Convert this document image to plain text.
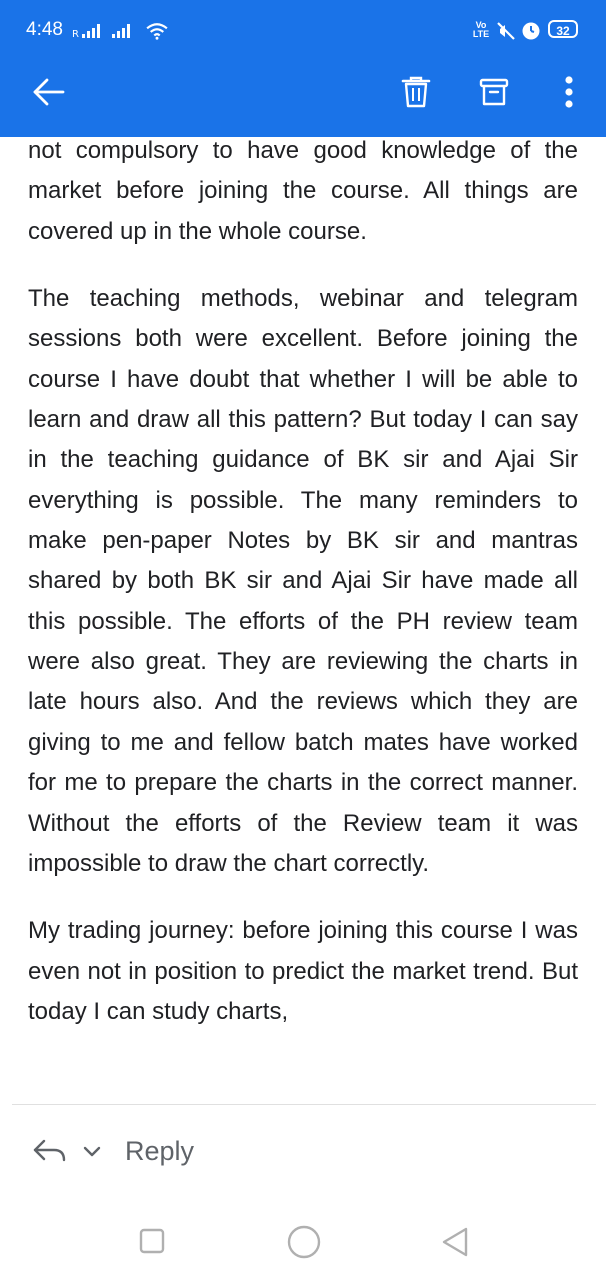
4:48 R
Vo
LTE	32

not compulsory to have good knowledge of the market before joining the course. All things are covered up in the whole course.

The teaching methods, webinar and telegram sessions both were excellent. Before joining the course I have doubt that whether I will be able to learn and draw all this pattern? But today I can say in the teaching guidance of BK sir and Ajai Sir everything is possible. The many reminders to make pen-paper Notes by BK sir and mantras shared by both BK sir and Ajai Sir have made all this possible. The efforts of the PH review team were also great. They are reviewing the charts in late hours also. And the reviews which they are giving to me and fellow batch mates have worked for me to prepare the charts in the correct manner. Without the efforts of the Review team it was impossible to draw the chart correctly.

My trading journey: before joining this course I was even not in position to predict the market trend. But today I can study charts,

Reply
